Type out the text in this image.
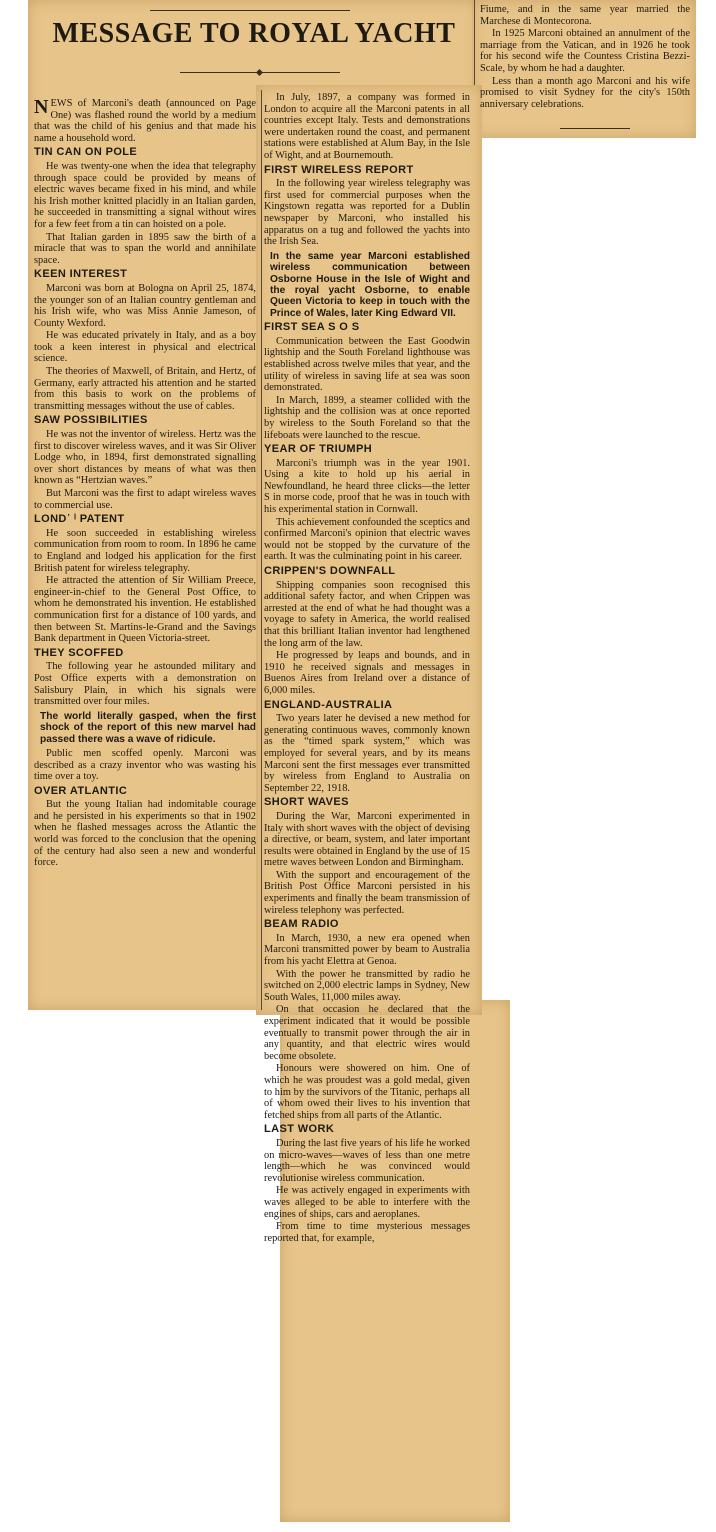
MESSAGE TO ROYAL YACHT

NEWS of Marconi's death (announced on Page One) was flashed round the world by a medium that was the child of his genius and that made his name a household word.

TIN CAN ON POLE

He was twenty-one when the idea that telegraphy through space could be provided by means of electric waves became fixed in his mind, and while his Irish mother knitted placidly in an Italian garden, he succeeded in transmitting a signal without wires for a few feet from a tin can hoisted on a pole.

That Italian garden in 1895 saw the birth of a miracle that was to span the world and annihilate space.

KEEN INTEREST

Marconi was born at Bologna on April 25, 1874, the younger son of an Italian country gentleman and his Irish wife, who was Miss Annie Jameson, of County Wexford.

He was educated privately in Italy, and as a boy took a keen interest in physical and electrical science.

The theories of Maxwell, of Britain, and Hertz, of Germany, early attracted his attention and he started from this basis to work on the problems of transmitting messages without the use of cables.

SAW POSSIBILITIES

He was not the inventor of wireless. Hertz was the first to discover wireless waves, and it was Sir Oliver Lodge who, in 1894, first demonstrated signalling over short distances by means of what was then known as “Hertzian waves.”

But Marconi was the first to adapt wireless waves to commercial use.

LOND᾿ ˡ PATENT

He soon succeeded in establishing wireless communication from room to room. In 1896 he came to England and lodged his application for the first British patent for wireless telegraphy.

He attracted the attention of Sir William Preece, engineer-in-chief to the General Post Office, to whom he demonstrated his invention. He established communication first for a distance of 100 yards, and then between St. Martins-le-Grand and the Savings Bank department in Queen Victoria-street.

THEY SCOFFED

The following year he astounded military and Post Office experts with a demonstration on Salisbury Plain, in which his signals were transmitted over four miles.

The world literally gasped, when the first shock of the report of this new marvel had passed there was a wave of ridicule.

Public men scoffed openly. Marconi was described as a crazy inventor who was wasting his time over a toy.

OVER ATLANTIC

But the young Italian had indomitable courage and he persisted in his experiments so that in 1902 when he flashed messages across the Atlantic the world was forced to the conclusion that the opening of the century had also seen a new and wonderful force.

In July, 1897, a company was formed in London to acquire all the Marconi patents in all countries except Italy. Tests and demonstrations were undertaken round the coast, and permanent stations were established at Alum Bay, in the Isle of Wight, and at Bournemouth.

FIRST WIRELESS REPORT

In the following year wireless telegraphy was first used for commercial purposes when the Kingstown regatta was reported for a Dublin newspaper by Marconi, who installed his apparatus on a tug and followed the yachts into the Irish Sea.

In the same year Marconi established wireless communication between Osborne House in the Isle of Wight and the royal yacht Osborne, to enable Queen Victoria to keep in touch with the Prince of Wales, later King Edward VII.

FIRST SEA S O S

Communication between the East Goodwin lightship and the South Foreland lighthouse was established across twelve miles that year, and the utility of wireless in saving life at sea was soon demonstrated.

In March, 1899, a steamer collided with the lightship and the collision was at once reported by wireless to the South Foreland so that the lifeboats were launched to the rescue.

YEAR OF TRIUMPH

Marconi's triumph was in the year 1901. Using a kite to hold up his aerial in Newfoundland, he heard three clicks—the letter S in morse code, proof that he was in touch with his experimental station in Cornwall.

This achievement confounded the sceptics and confirmed Marconi's opinion that electric waves would not be stopped by the curvature of the earth. It was the culminating point in his career.

CRIPPEN'S DOWNFALL

Shipping companies soon recognised this additional safety factor, and when Crippen was arrested at the end of what he had thought was a voyage to safety in America, the world realised that this brilliant Italian inventor had lengthened the long arm of the law.

He progressed by leaps and bounds, and in 1910 he received signals and messages in Buenos Aires from Ireland over a distance of 6,000 miles.

ENGLAND-AUSTRALIA

Two years later he devised a new method for generating continuous waves, commonly known as the “timed spark system,” which was employed for several years, and by its means Marconi sent the first messages ever transmitted by wireless from England to Australia on September 22, 1918.

SHORT WAVES

During the War, Marconi experimented in Italy with short waves with the object of devising a directive, or beam, system, and later important results were obtained in England by the use of 15 metre waves between London and Birmingham.

With the support and encouragement of the British Post Office Marconi persisted in his experiments and finally the beam transmission of wireless telephony was perfected.

BEAM RADIO

In March, 1930, a new era opened when Marconi transmitted power by beam to Australia from his yacht Elettra at Genoa.

With the power he transmitted by radio he switched on 2,000 electric lamps in Sydney, New South Wales, 11,000 miles away.

On that occasion he declared that the experiment indicated that it would be possible eventually to transmit power through the air in any quantity, and that electric wires would become obsolete.

Honours were showered on him. One of which he was proudest was a gold medal, given to him by the survivors of the Titanic, perhaps all of whom owed their lives to his invention that fetched ships from all parts of the Atlantic.

LAST WORK

During the last five years of his life he worked on micro-waves—waves of less than one metre length—which he was convinced would revolutionise wireless communication.

He was actively engaged in experiments with waves alleged to be able to interfere with the engines of ships, cars and aeroplanes.

From time to time mysterious messages reported that, for example,

Fiume, and in the same year married the Marchese di Montecorona.

In 1925 Marconi obtained an annulment of the marriage from the Vatican, and in 1926 he took for his second wife the Countess Cristina Bezzi-Scale, by whom he had a daughter.

Less than a month ago Marconi and his wife promised to visit Sydney for the city's 150th anniversary celebrations.
